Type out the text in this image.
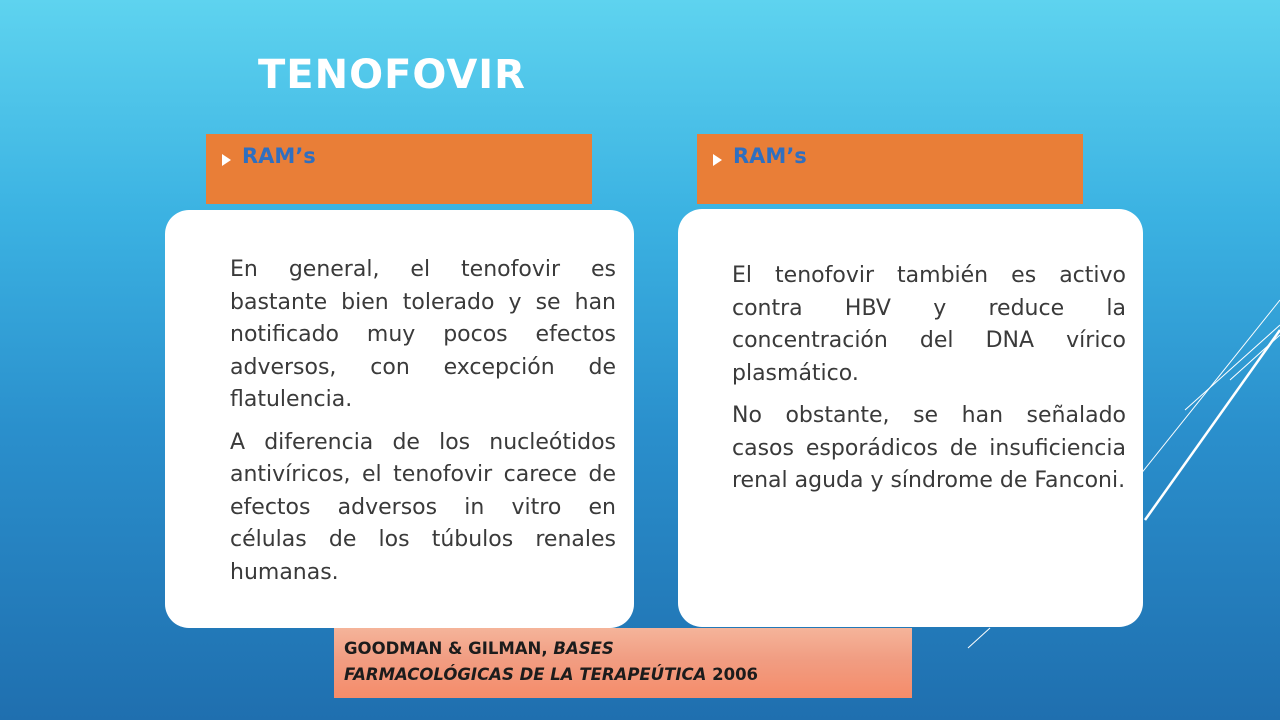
TENOFOVIR
RAM’s	RAM’s

En general, el tenofovir es bastante bien tolerado y se han notificado muy pocos efectos adversos, con excepción de flatulencia.

A diferencia de los nucleótidos antivíricos, el tenofovir carece de efectos adversos in vitro en células de los túbulos renales humanas.

El tenofovir también es activo contra HBV y reduce la concentración del DNA vírico plasmático.

No obstante, se han señalado casos esporádicos de insuficiencia renal aguda y síndrome de Fanconi.

GOODMAN & GILMAN, BASES
FARMACOLÓGICAS DE LA TERAPEÚTICA 2006
